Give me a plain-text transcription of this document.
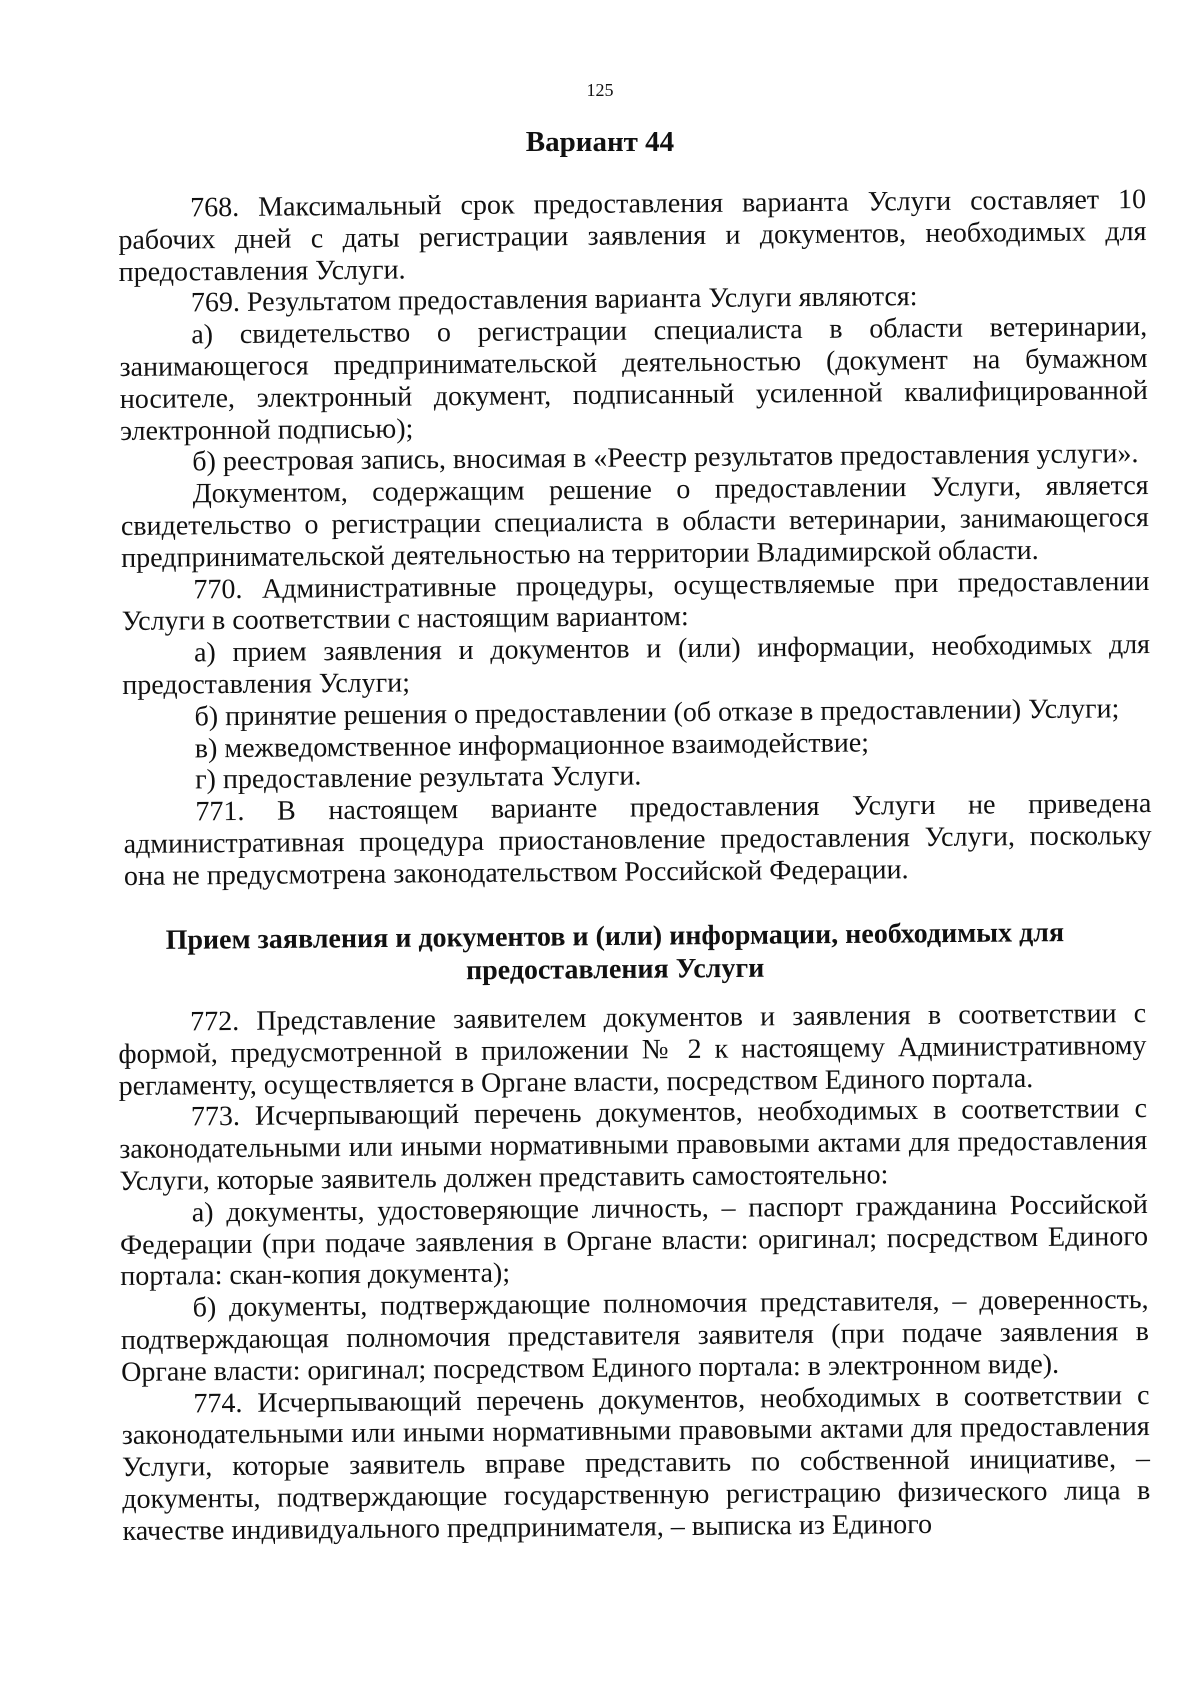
125

Вариант 44

768. Максимальный срок предоставления варианта Услуги составляет 10 рабочих дней с даты регистрации заявления и документов, необходимых для предоставления Услуги.

769. Результатом предоставления варианта Услуги являются:

а) свидетельство о регистрации специалиста в области ветеринарии, занимающегося предпринимательской деятельностью (документ на бумажном носителе, электронный документ, подписанный усиленной квалифицированной электронной подписью);

б) реестровая запись, вносимая в «Реестр результатов предоставления услуги».

Документом, содержащим решение о предоставлении Услуги, является свидетельство о регистрации специалиста в области ветеринарии, занимающегося предпринимательской деятельностью на территории Владимирской области.

770. Административные процедуры, осуществляемые при предоставлении Услуги в соответствии с настоящим вариантом:

а) прием заявления и документов и (или) информации, необходимых для предоставления Услуги;

б) принятие решения о предоставлении (об отказе в предоставлении) Услуги;

в) межведомственное информационное взаимодействие;

г) предоставление результата Услуги.

771. В настоящем варианте предоставления Услуги не приведена административная процедура приостановление предоставления Услуги, поскольку она не предусмотрена законодательством Российской Федерации.

Прием заявления и документов и (или) информации, необходимых для предоставления Услуги

772. Представление заявителем документов и заявления в соответствии с формой, предусмотренной в приложении № 2 к настоящему Административному регламенту, осуществляется в Органе власти, посредством Единого портала.

773. Исчерпывающий перечень документов, необходимых в соответствии с законодательными или иными нормативными правовыми актами для предоставления Услуги, которые заявитель должен представить самостоятельно:

а) документы, удостоверяющие личность, – паспорт гражданина Российской Федерации (при подаче заявления в Органе власти: оригинал; посредством Единого портала: скан-копия документа);

б) документы, подтверждающие полномочия представителя, – доверенность, подтверждающая полномочия представителя заявителя (при подаче заявления в Органе власти: оригинал; посредством Единого портала: в электронном виде).

774. Исчерпывающий перечень документов, необходимых в соответствии с законодательными или иными нормативными правовыми актами для предоставления Услуги, которые заявитель вправе представить по собственной инициативе, – документы, подтверждающие государственную регистрацию физического лица в качестве индивидуального предпринимателя, – выписка из Единого
